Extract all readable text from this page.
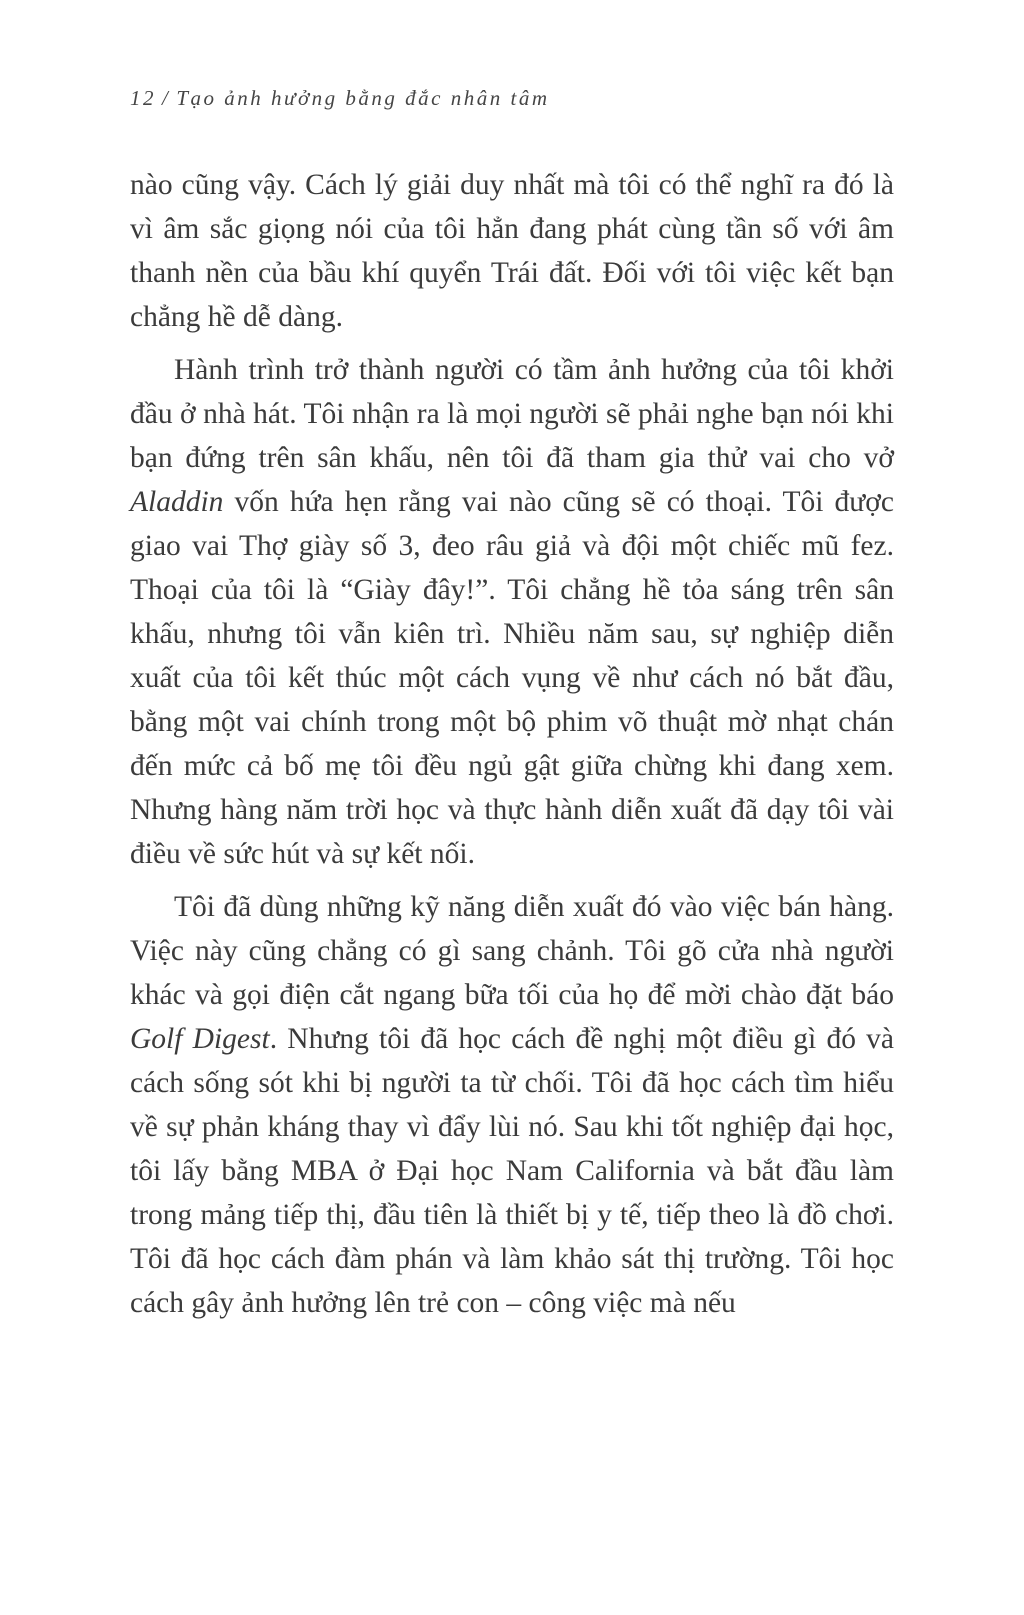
12 / Tạo ảnh hưởng bằng đắc nhân tâm

nào cũng vậy. Cách lý giải duy nhất mà tôi có thể nghĩ ra đó là vì âm sắc giọng nói của tôi hẳn đang phát cùng tần số với âm thanh nền của bầu khí quyển Trái đất. Đối với tôi việc kết bạn chẳng hề dễ dàng.

Hành trình trở thành người có tầm ảnh hưởng của tôi khởi đầu ở nhà hát. Tôi nhận ra là mọi người sẽ phải nghe bạn nói khi bạn đứng trên sân khấu, nên tôi đã tham gia thử vai cho vở Aladdin vốn hứa hẹn rằng vai nào cũng sẽ có thoại. Tôi được giao vai Thợ giày số 3, đeo râu giả và đội một chiếc mũ fez. Thoại của tôi là “Giày đây!”. Tôi chẳng hề tỏa sáng trên sân khấu, nhưng tôi vẫn kiên trì. Nhiều năm sau, sự nghiệp diễn xuất của tôi kết thúc một cách vụng về như cách nó bắt đầu, bằng một vai chính trong một bộ phim võ thuật mờ nhạt chán đến mức cả bố mẹ tôi đều ngủ gật giữa chừng khi đang xem. Nhưng hàng năm trời học và thực hành diễn xuất đã dạy tôi vài điều về sức hút và sự kết nối.

Tôi đã dùng những kỹ năng diễn xuất đó vào việc bán hàng. Việc này cũng chẳng có gì sang chảnh. Tôi gõ cửa nhà người khác và gọi điện cắt ngang bữa tối của họ để mời chào đặt báo Golf Digest. Nhưng tôi đã học cách đề nghị một điều gì đó và cách sống sót khi bị người ta từ chối. Tôi đã học cách tìm hiểu về sự phản kháng thay vì đẩy lùi nó. Sau khi tốt nghiệp đại học, tôi lấy bằng MBA ở Đại học Nam California và bắt đầu làm trong mảng tiếp thị, đầu tiên là thiết bị y tế, tiếp theo là đồ chơi. Tôi đã học cách đàm phán và làm khảo sát thị trường. Tôi học cách gây ảnh hưởng lên trẻ con – công việc mà nếu
